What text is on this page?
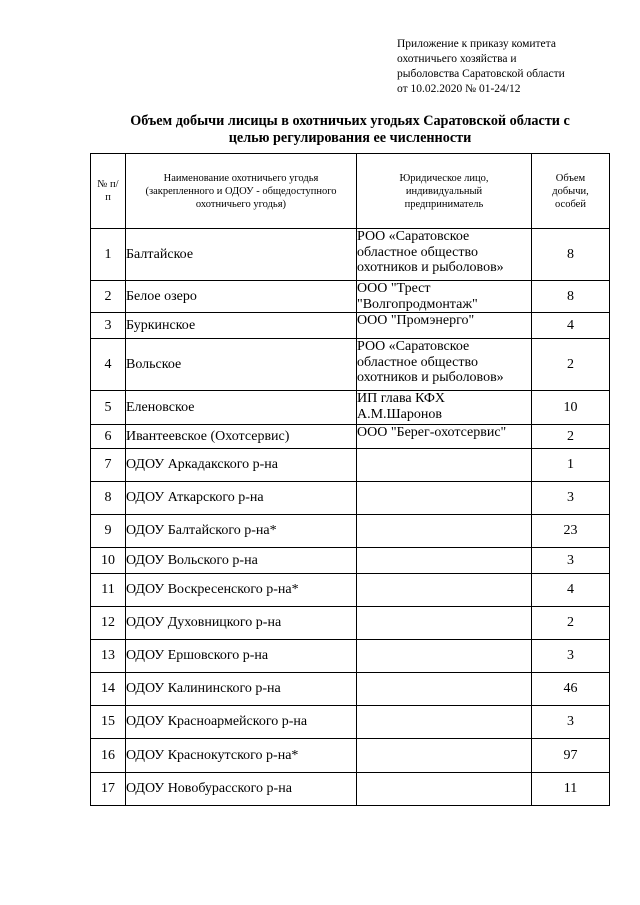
Приложение к приказу комитета
охотничьего хозяйства и
рыболовства Саратовской области
от 10.02.2020 № 01-24/12
Объем добычи лисицы в охотничьих угодьях Саратовской области с
целью регулирования ее численности
№ п/п	Наименование охотничьего угодья (закрепленного и ОДОУ - общедоступного охотничьего угодья)	Юридическое лицо, индивидуальный предприниматель	Объем добычи, особей
1	Балтайское	РОО «Саратовское областное общество охотников и рыболовов»	8
2	Белое озеро	ООО "Трест "Волгопродмонтаж"	8
3	Буркинское	ООО "Промэнерго"	4
4	Вольское	РОО «Саратовское областное общество охотников и рыболовов»	2
5	Еленовское	ИП глава КФХ А.М.Шаронов	10
6	Ивантеевское (Охотсервис)	ООО "Берег-охотсервис"	2
7	ОДОУ Аркадакского р-на		1
8	ОДОУ Аткарского р-на		3
9	ОДОУ Балтайского р-на*		23
10	ОДОУ Вольского р-на		3
11	ОДОУ Воскресенского р-на*		4
12	ОДОУ Духовницкого р-на		2
13	ОДОУ Ершовского р-на		3
14	ОДОУ Калининского р-на		46
15	ОДОУ Красноармейского р-на		3
16	ОДОУ Краснокутского р-на*		97
17	ОДОУ Новобурасского р-на		11
